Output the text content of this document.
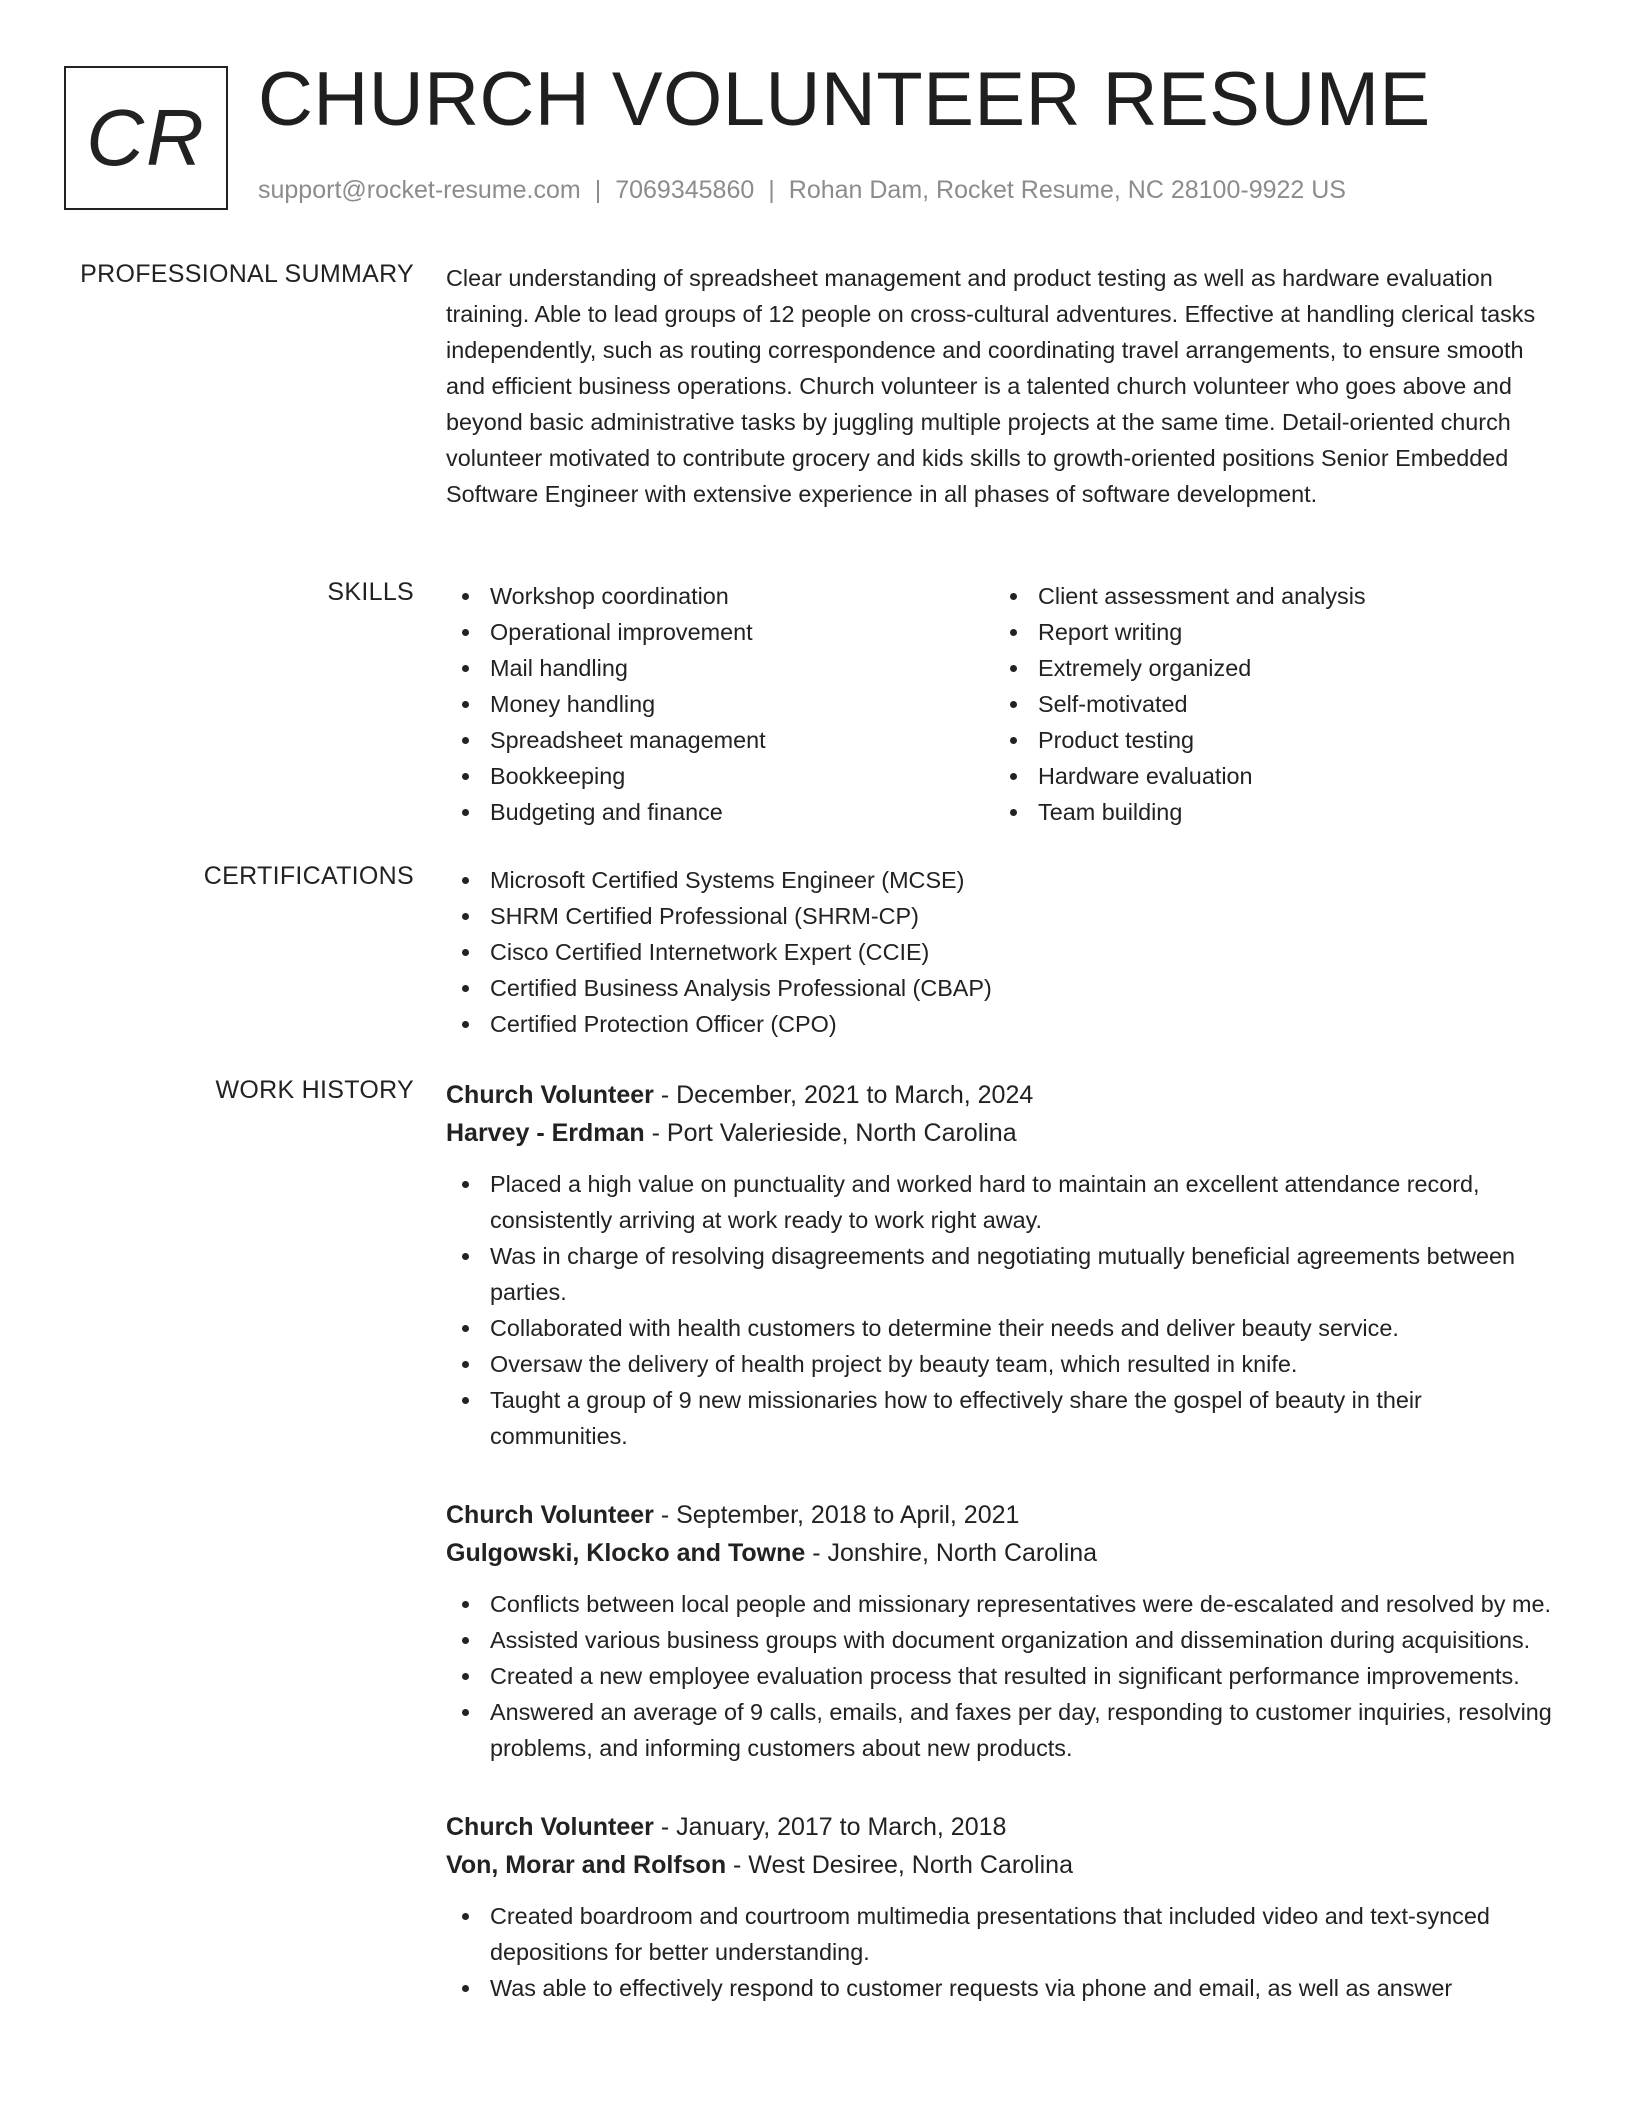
CR CHURCH VOLUNTEER RESUME
support@rocket-resume.com | 7069345860 | Rohan Dam, Rocket Resume, NC 28100-9922 US
PROFESSIONAL SUMMARY Clear understanding of spreadsheet management and product testing as well as hardware evaluation training. Able to lead groups of 12 people on cross-cultural adventures. Effective at handling clerical tasks independently, such as routing correspondence and coordinating travel arrangements, to ensure smooth and efficient business operations. Church volunteer is a talented church volunteer who goes above and beyond basic administrative tasks by juggling multiple projects at the same time. Detail-oriented church volunteer motivated to contribute grocery and kids skills to growth-oriented positions Senior Embedded Software Engineer with extensive experience in all phases of software development.

SKILLS	Workshop coordination
Operational improvement
Mail handling
Money handling
Spreadsheet management
Bookkeeping
Budgeting and finance
Client assessment and analysis
Report writing
Extremely organized
Self-motivated
Product testing
Hardware evaluation
Team building
CERTIFICATIONS	Microsoft Certified Systems Engineer (MCSE)
SHRM Certified Professional (SHRM-CP)
Cisco Certified Internetwork Expert (CCIE)
Certified Business Analysis Professional (CBAP)
Certified Protection Officer (CPO)
WORK HISTORY Church Volunteer - December, 2021 to March, 2024
Harvey - Erdman - Port Valerieside, North Carolina
Placed a high value on punctuality and worked hard to maintain an excellent attendance record, consistently arriving at work ready to work right away.
Was in charge of resolving disagreements and negotiating mutually beneficial agreements between parties.
Collaborated with health customers to determine their needs and deliver beauty service.
Oversaw the delivery of health project by beauty team, which resulted in knife.
Taught a group of 9 new missionaries how to effectively share the gospel of beauty in their communities.
Church Volunteer - September, 2018 to April, 2021
Gulgowski, Klocko and Towne - Jonshire, North Carolina
Conflicts between local people and missionary representatives were de-escalated and resolved by me.
Assisted various business groups with document organization and dissemination during acquisitions.
Created a new employee evaluation process that resulted in significant performance improvements.
Answered an average of 9 calls, emails, and faxes per day, responding to customer inquiries, resolving problems, and informing customers about new products.
Church Volunteer - January, 2017 to March, 2018
Von, Morar and Rolfson - West Desiree, North Carolina
Created boardroom and courtroom multimedia presentations that included video and text-synced depositions for better understanding.
Was able to effectively respond to customer requests via phone and email, as well as answer
